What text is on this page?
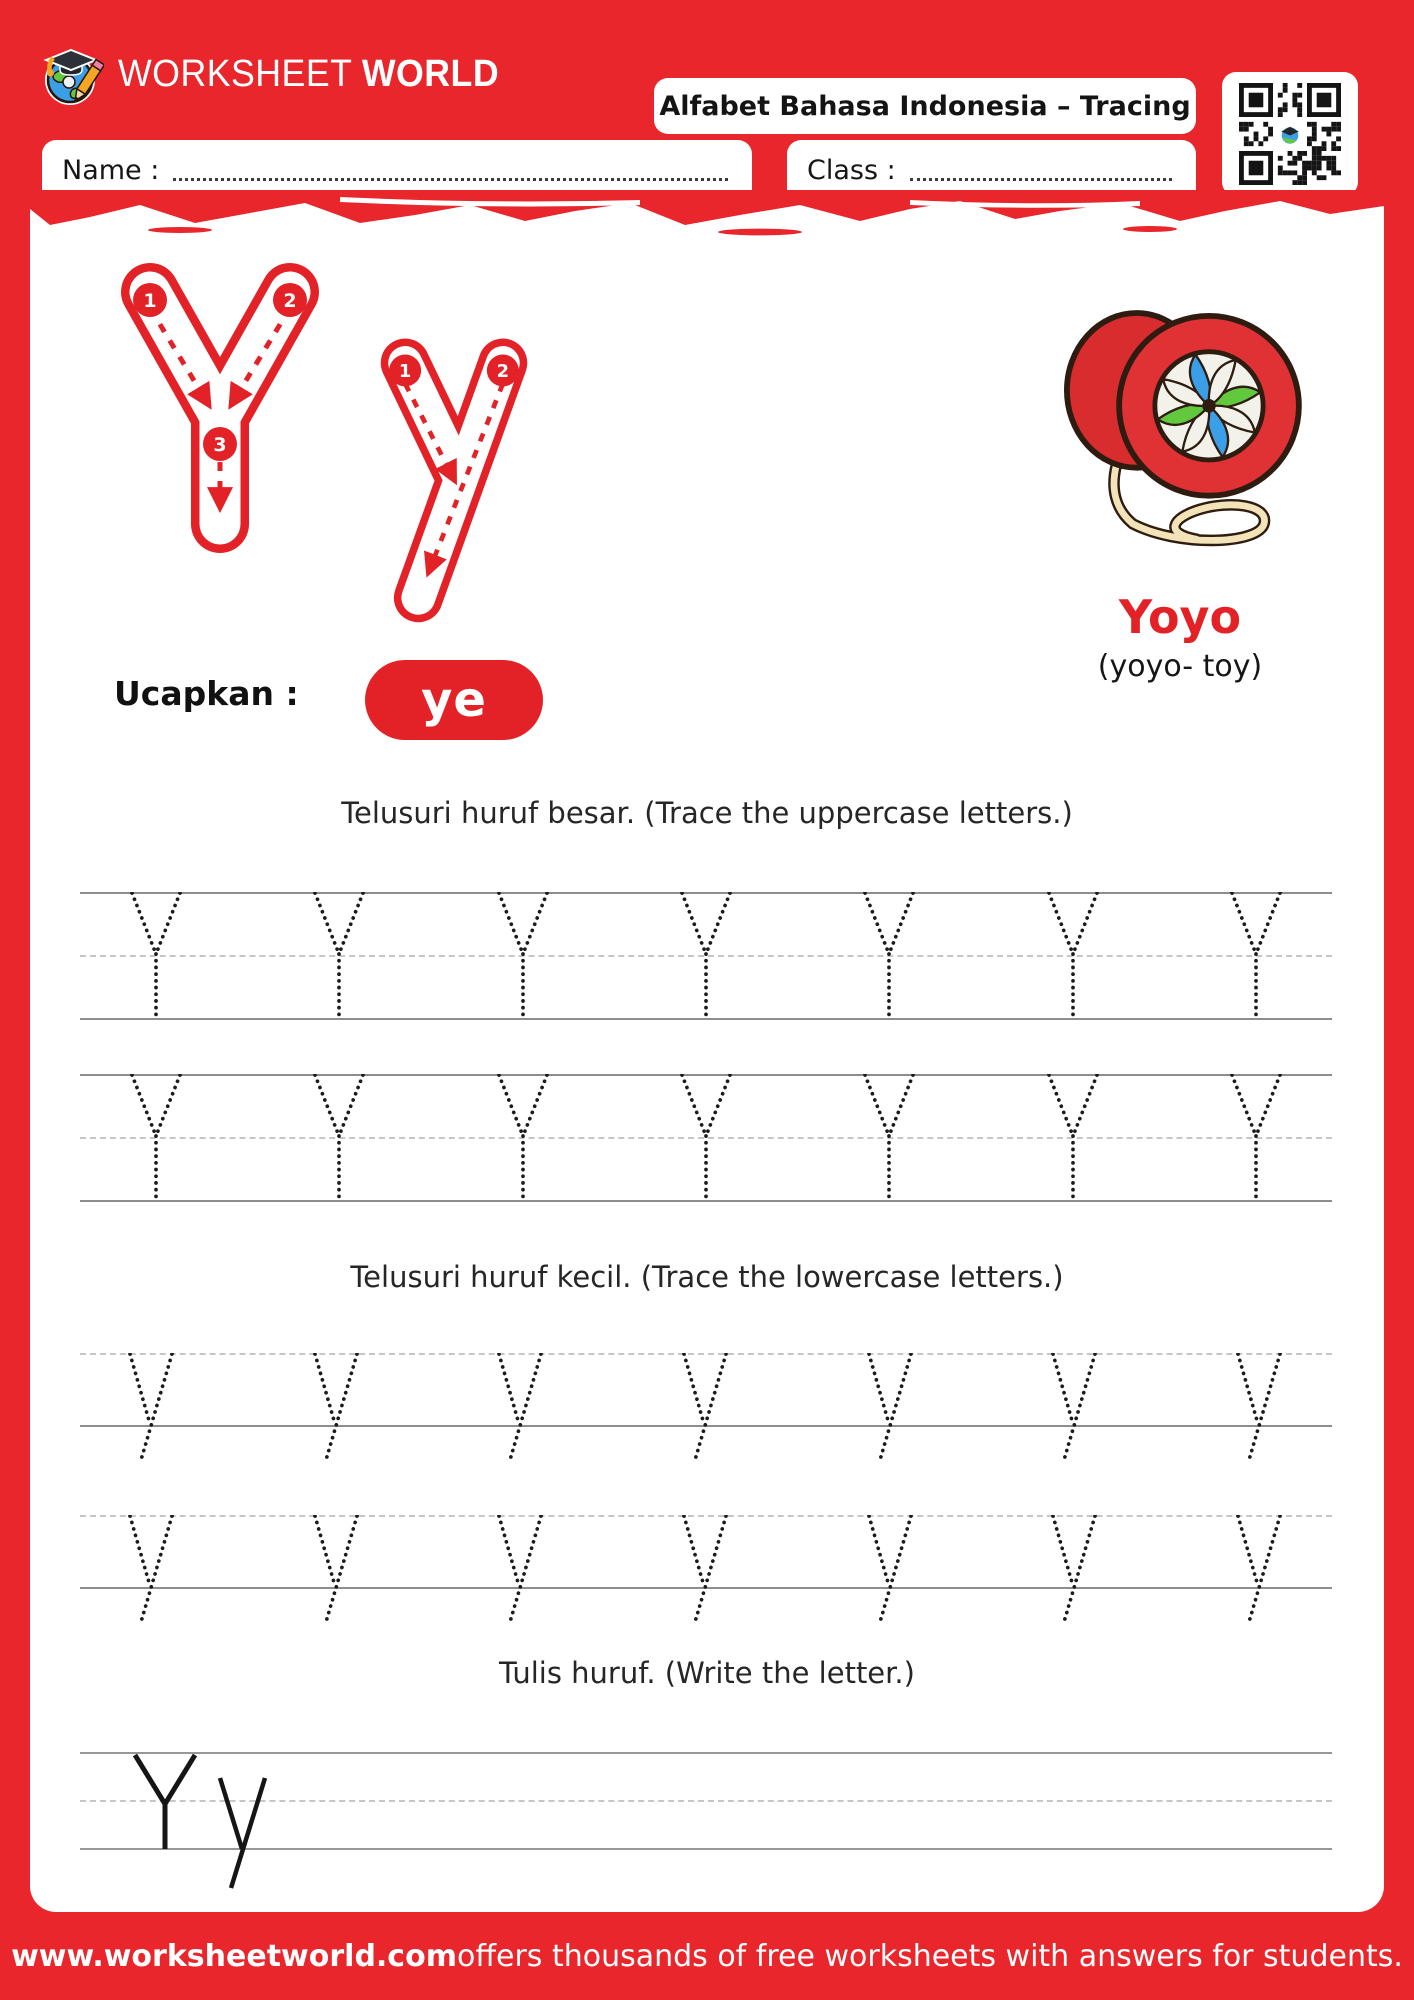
WORKSHEET WORLD
Alfabet Bahasa Indonesia – Tracing
Name :	Class :
1	2
3
1	2
Ucapkan :	ye
Yoyo
(yoyo- toy)
Telusuri huruf besar. (Trace the uppercase letters.)
Telusuri huruf kecil. (Trace the lowercase letters.)
Tulis huruf. (Write the letter.)
www.worksheetworld.com offers thousands of free worksheets with answers for students.
